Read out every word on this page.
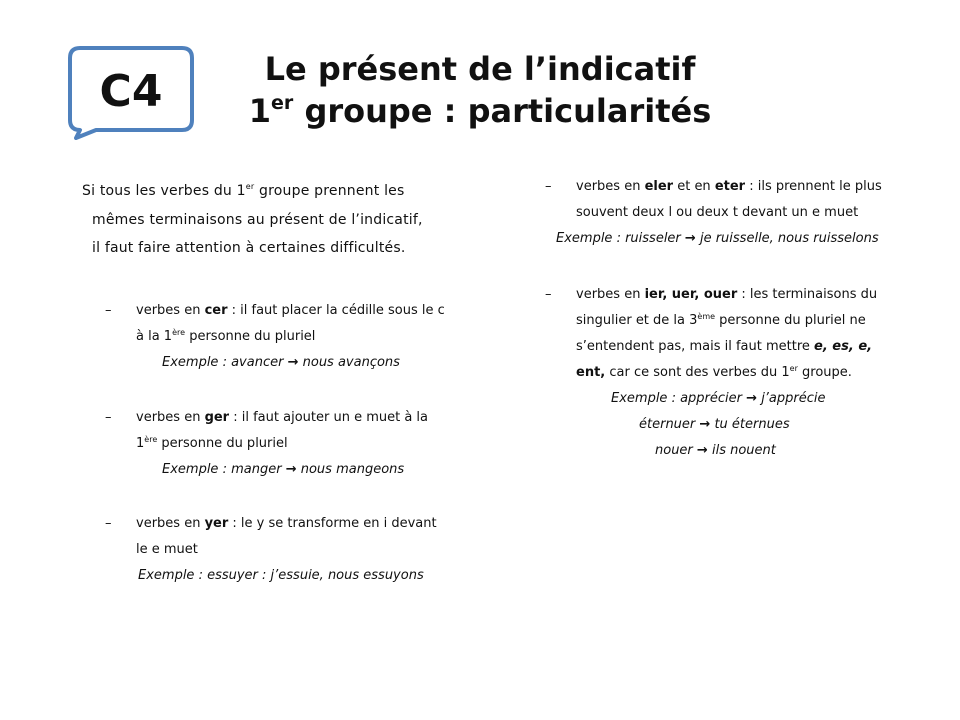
C4	Le présent de l’indicatif
1er groupe : particularités
Si tous les verbes du 1er groupe prennent les
mêmes terminaisons au présent de l’indicatif,
il faut faire attention à certaines difficultés.
– verbes en cer : il faut placer la cédille sous le c
à la 1ère personne du pluriel
Exemple : avancer → nous avançons
– verbes en ger : il faut ajouter un e muet à la
1ère personne du pluriel
Exemple : manger → nous mangeons
– verbes en yer : le y se transforme en i devant
le e muet
Exemple : essuyer : j’essuie, nous essuyons
– verbes en eler et en eter : ils prennent le plus
souvent deux l ou deux t devant un e muet
Exemple : ruisseler → je ruisselle, nous ruisselons
– verbes en ier, uer, ouer : les terminaisons du
singulier et de la 3ème personne du pluriel ne
s’entendent pas, mais il faut mettre e, es, e,
ent, car ce sont des verbes du 1er groupe.
Exemple : apprécier → j’apprécie
éternuer → tu éternues
nouer → ils nouent
